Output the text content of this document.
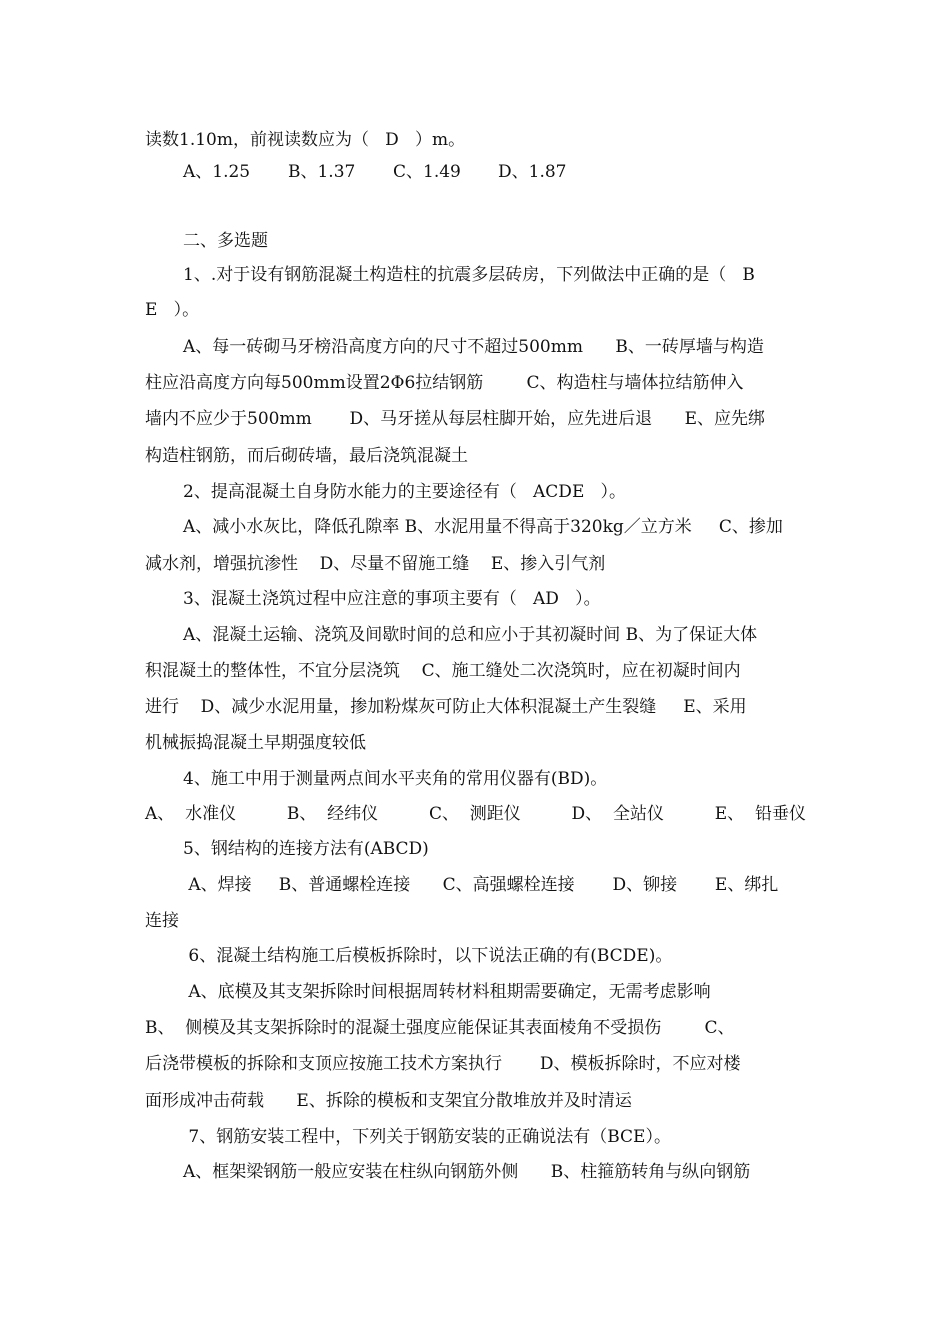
读数1.10m，前视读数应为（   D   ）m。
A、1.25 B、1.37 C、1.49 D、1.87
二、多选题
1、.对于设有钢筋混凝土构造柱的抗震多层砖房，下列做法中正确的是（   B
E   ）。
A、每一砖砌马牙榜沿高度方向的尺寸不超过500mm      B、一砖厚墙与构造
柱应沿高度方向每500mm设置2Φ6拉结钢筋        C、构造柱与墙体拉结筋伸入
墙内不应少于500mm       D、马牙搓从每层柱脚开始，应先进后退      E、应先绑
构造柱钢筋，而后砌砖墙，最后浇筑混凝土
2、提高混凝土自身防水能力的主要途径有（   ACDE   ）。
A、减小水灰比，降低孔隙率 B、水泥用量不得高于320kg／立方米     C、掺加
减水剂，增强抗渗性    D、尽量不留施工缝    E、掺入引气剂
3、混凝土浇筑过程中应注意的事项主要有（   AD   ）。
A、混凝土运输、浇筑及间歇时间的总和应小于其初凝时间 B、为了保证大体
积混凝土的整体性，不宜分层浇筑    C、施工缝处二次浇筑时，应在初凝时间内
进行    D、减少水泥用量，掺加粉煤灰可防止大体积混凝土产生裂缝     E、采用
机械振捣混凝土早期强度较低
4、施工中用于测量两点间水平夹角的常用仪器有(BD)。
A、  水准仪	B、  经纬仪	C、  测距仪	D、  全站仪	E、  铅垂仪
5、钢结构的连接方法有(ABCD)
A、焊接     B、普通螺栓连接      C、高强螺栓连接       D、铆接       E、绑扎
连接
6、混凝土结构施工后模板拆除时，以下说法正确的有(BCDE)。
A、底模及其支架拆除时间根据周转材料租期需要确定，无需考虑影响
B、  侧模及其支架拆除时的混凝土强度应能保证其表面棱角不受损伤        C、
后浇带模板的拆除和支顶应按施工技术方案执行       D、模板拆除时，不应对楼
面形成冲击荷载      E、拆除的模板和支架宜分散堆放并及时清运
7、钢筋安装工程中，下列关于钢筋安装的正确说法有（BCE）。
A、框架梁钢筋一般应安装在柱纵向钢筋外侧      B、柱箍筋转角与纵向钢筋
